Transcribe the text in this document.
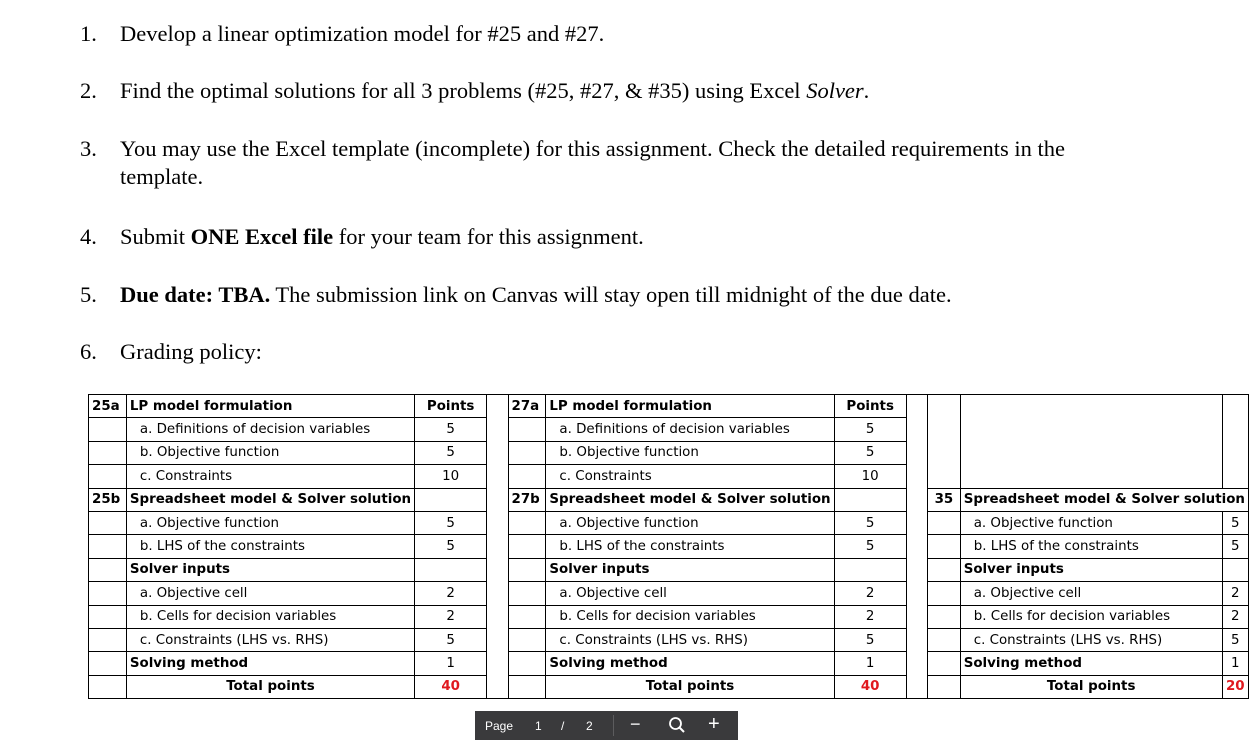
1.	Develop a linear optimization model for #25 and #27.
2.	Find the optimal solutions for all 3 problems (#25, #27, & #35) using Excel Solver.
3.	You may use the Excel template (incomplete) for this assignment. Check the detailed requirements in the
template.
4.	Submit ONE Excel file for your team for this assignment.
5.	Due date: TBA. The submission link on Canvas will stay open till midnight of the due date.
6.	Grading policy:
25a	LP model formulation	Points		27a	LP model formulation	Points				
	a. Definitions of decision variables	5			a. Definitions of decision variables	5				
	b. Objective function	5			b. Objective function	5				
	c. Constraints	10			c. Constraints	10				
25b	Spreadsheet model & Solver solution			27b	Spreadsheet model & Solver solution			35	Spreadsheet model & Solver solution	
	a. Objective function	5			a. Objective function	5			a. Objective function	5
	b. LHS of the constraints	5			b. LHS of the constraints	5			b. LHS of the constraints	5
	Solver inputs				Solver inputs				Solver inputs	
	a. Objective cell	2			a. Objective cell	2			a. Objective cell	2
	b. Cells for decision variables	2			b. Cells for decision variables	2			b. Cells for decision variables	2
	c. Constraints (LHS vs. RHS)	5			c. Constraints (LHS vs. RHS)	5			c. Constraints (LHS vs. RHS)	5
	Solving method	1			Solving method	1			Solving method	1
	Total points	40			Total points	40			Total points	20
Page 1 / 2 −	+
